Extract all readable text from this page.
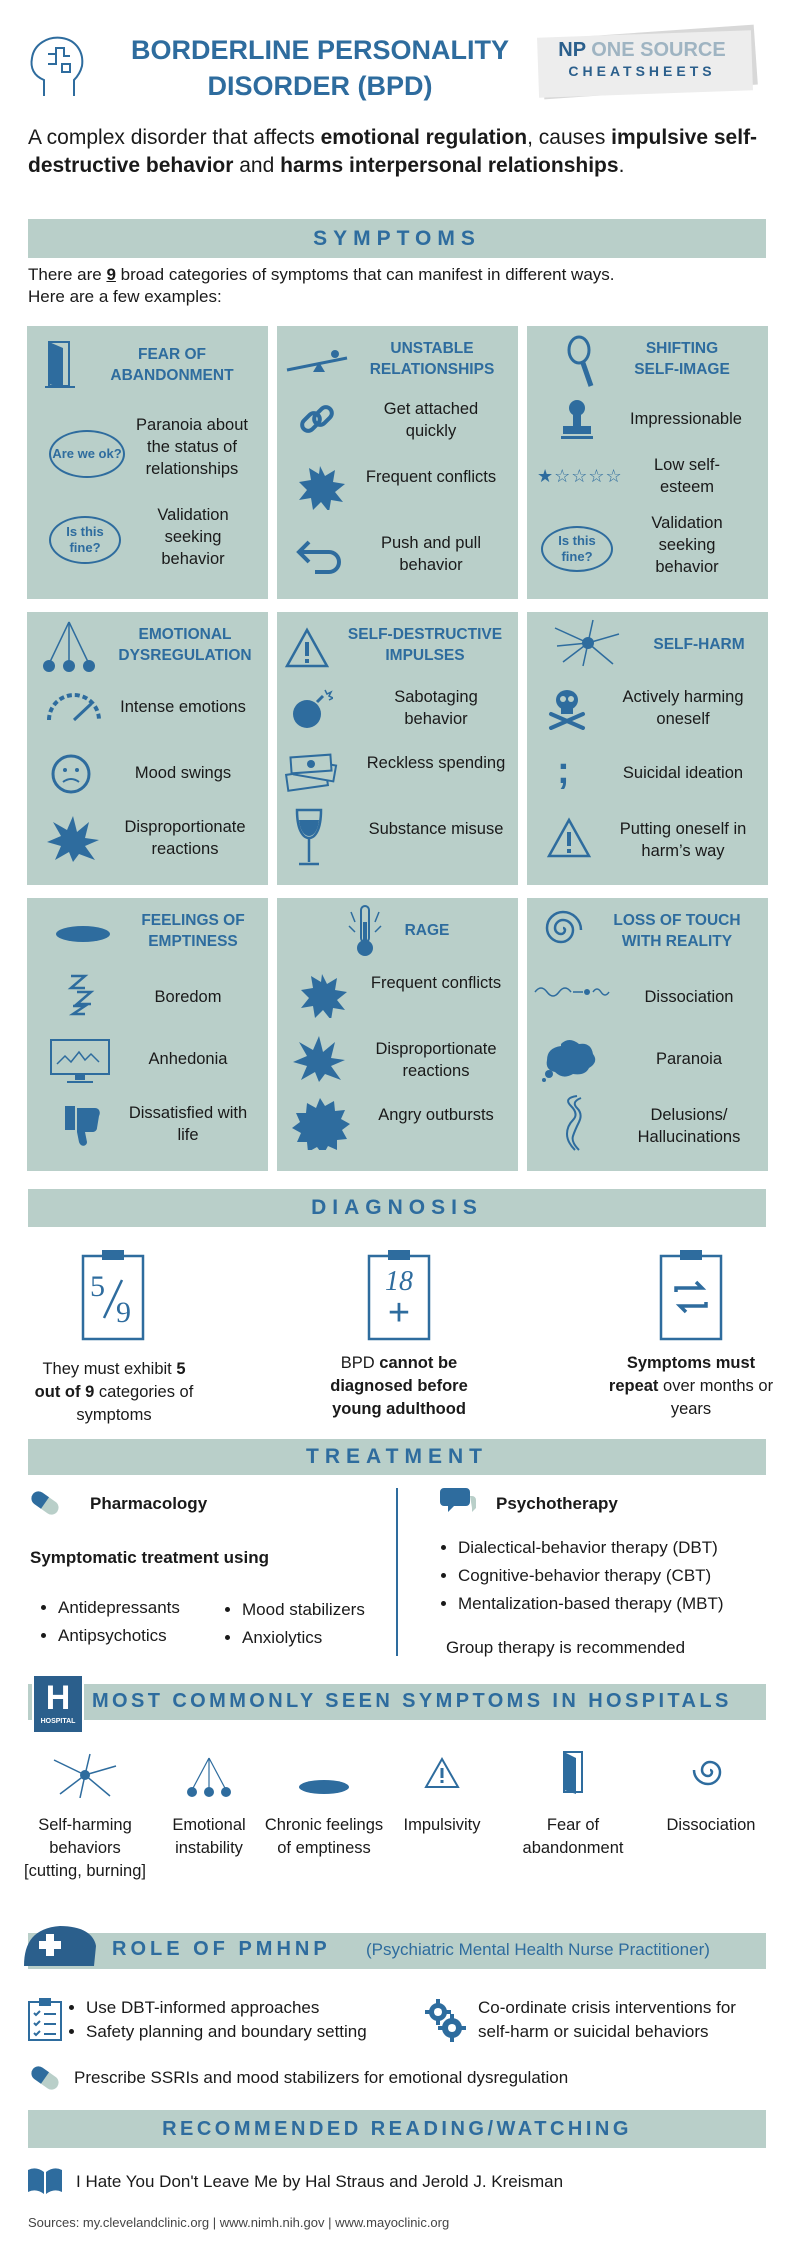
BORDERLINE PERSONALITY
DISORDER (BPD)
NP ONE SOURCE
CHEATSHEETS
A complex disorder that affects emotional regulation, causes impulsive self-destructive behavior and harms interpersonal relationships.
SYMPTOMS
There are 9 broad categories of symptoms that can manifest in different ways.
Here are a few examples:
FEAR OF
ABANDONMENT
Are we ok?
Paranoia about the status of relationships
Is this fine?
Validation seeking behavior
UNSTABLE
RELATIONSHIPS
Get attached quickly
Frequent conflicts
Push and pull behavior
SHIFTING
SELF-IMAGE
Impressionable
★☆☆☆☆
Low self-esteem
Is this fine?
Validation seeking behavior
EMOTIONAL
DYSREGULATION
Intense emotions
Mood swings
Disproportionate reactions
SELF-DESTRUCTIVE
IMPULSES
Sabotaging behavior
Reckless spending
Substance misuse
SELF-HARM
Actively harming oneself
;	Suicidal ideation
Putting oneself in harm’s way
FEELINGS OF
EMPTINESS
Boredom
Anhedonia
Dissatisfied with life
RAGE
Frequent conflicts
Disproportionate reactions
Angry outbursts
LOSS OF TOUCH
WITH REALITY
Dissociation
Paranoia
Delusions/ Hallucinations
DIAGNOSIS
5
9
They must exhibit 5 out of 9 categories of symptoms
18
+
BPD cannot be diagnosed before young adulthood
Symptoms must repeat over months or years
TREATMENT
Pharmacology
Symptomatic treatment using
• Antidepressants
• Antipsychotics
• Mood stabilizers
• Anxiolytics
Psychotherapy
• Dialectical-behavior therapy (DBT)
• Cognitive-behavior therapy (CBT)
• Mentalization-based therapy (MBT)
Group therapy is recommended
H
HOSPITAL
MOST COMMONLY SEEN SYMPTOMS IN HOSPITALS
Self-harming behaviors [cutting, burning]
Emotional instability
Chronic feelings of emptiness
Impulsivity	Fear of abandonment
Dissociation
ROLE OF PMHNP (Psychiatric Mental Health Nurse Practitioner)
• Use DBT-informed approaches
• Safety planning and boundary setting
Co-ordinate crisis interventions for self-harm or suicidal behaviors
Prescribe SSRIs and mood stabilizers for emotional dysregulation
RECOMMENDED READING/WATCHING
I Hate You Don't Leave Me by Hal Straus and Jerold J. Kreisman
Sources: my.clevelandclinic.org | www.nimh.nih.gov | www.mayoclinic.org
